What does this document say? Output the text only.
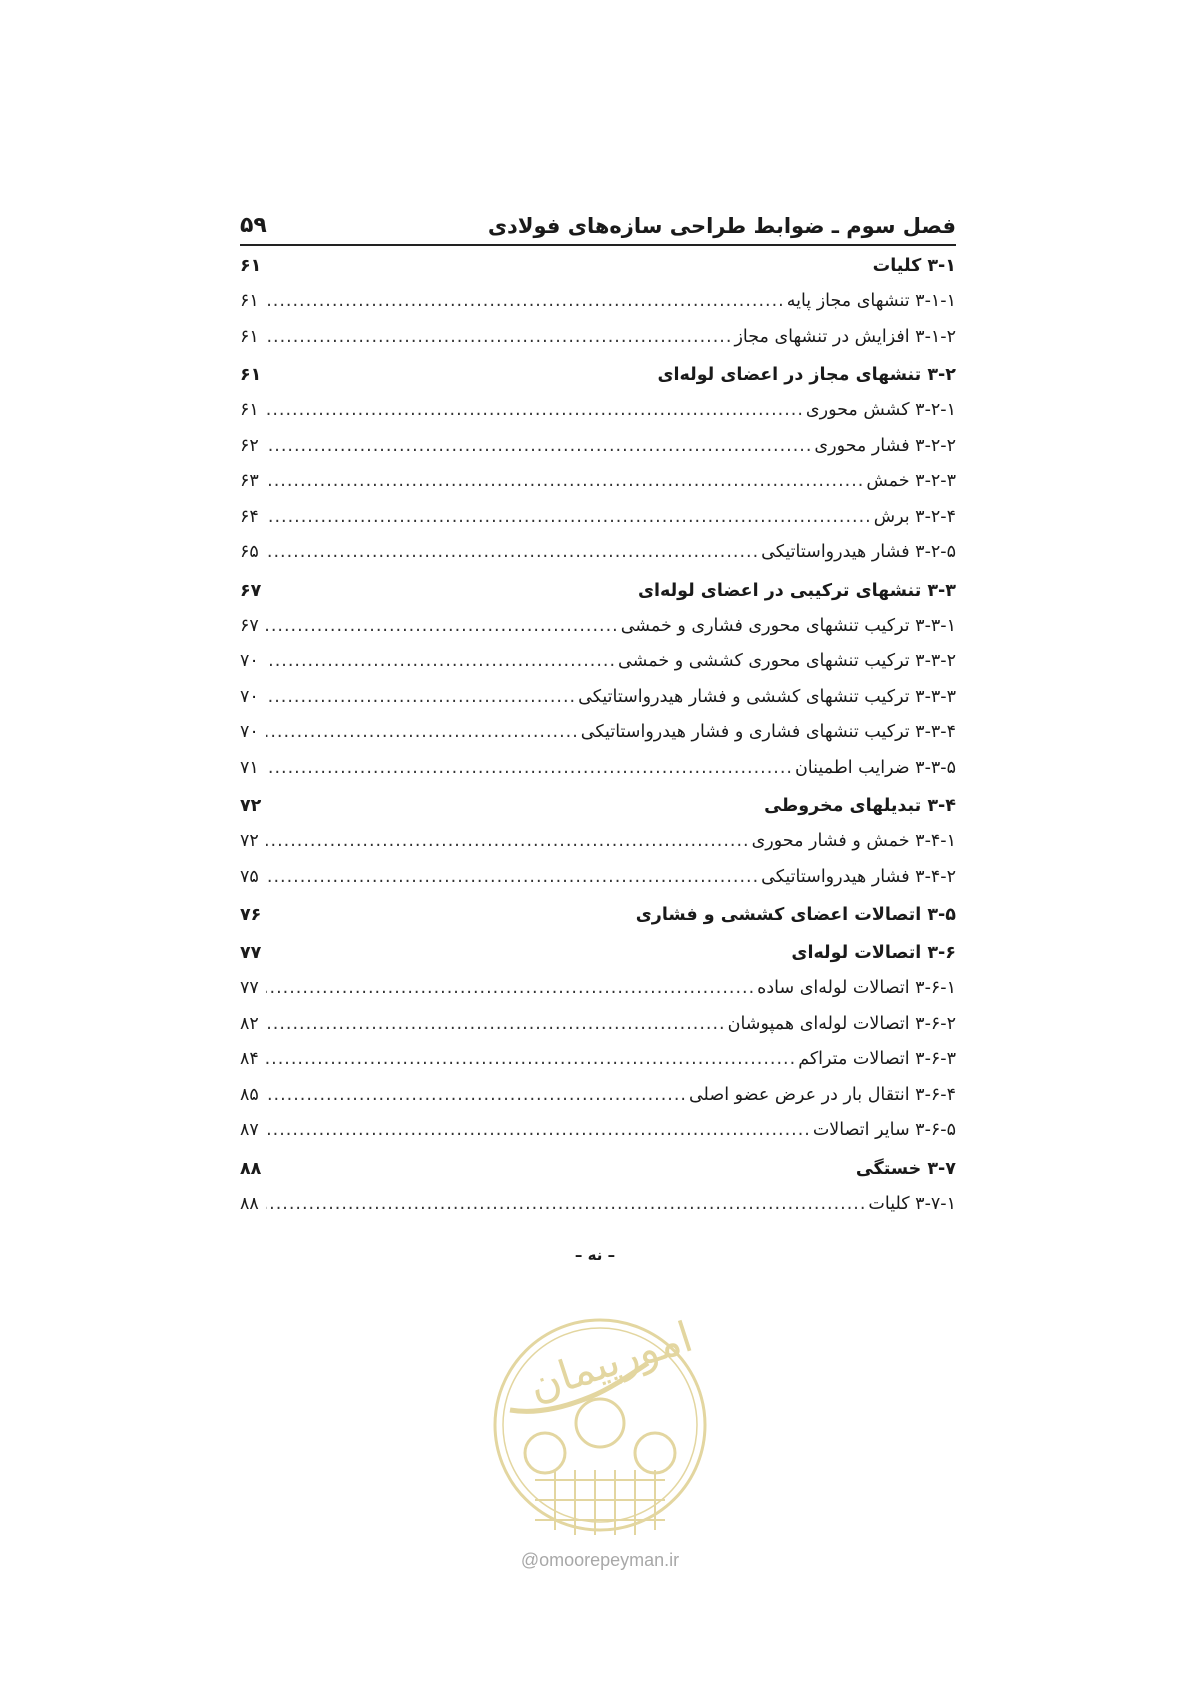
فصل سوم ـ ضوابط طراحی سازه‌های فولادی
۵۹
۳-۱ کلیات
۶۱
۳-۱-۱ تنشهای مجاز پایه
.....
۶۱
۳-۱-۲ افزایش در تنشهای مجاز
.....
۶۱
۳-۲ تنشهای مجاز در اعضای لوله‌ای
۶۱
۳-۲-۱ کشش محوری
.....
۶۱
۳-۲-۲ فشار محوری
.....
۶۲
۳-۲-۳ خمش
.....
۶۳
۳-۲-۴ برش
.....
۶۴
۳-۲-۵ فشار هیدرواستاتیکی
.....
۶۵
۳-۳ تنشهای ترکیبی در اعضای لوله‌ای
۶۷
۳-۳-۱ ترکیب تنشهای محوری فشاری و خمشی
.....
۶۷
۳-۳-۲ ترکیب تنشهای محوری کششی و خمشی
.....
۷۰
۳-۳-۳ ترکیب تنشهای کششی و فشار هیدرواستاتیکی
.....
۷۰
۳-۳-۴ ترکیب تنشهای فشاری و فشار هیدرواستاتیکی
.....
۷۰
۳-۳-۵ ضرایب اطمینان
.....
۷۱
۳-۴ تبدیلهای مخروطی
۷۲
۳-۴-۱ خمش و فشار محوری
.....
۷۲
۳-۴-۲ فشار هیدرواستاتیکی
.....
۷۵
۳-۵ اتصالات اعضای کششی و فشاری
۷۶
۳-۶ اتصالات لوله‌ای
۷۷
۳-۶-۱ اتصالات لوله‌ای ساده
.....
۷۷
۳-۶-۲ اتصالات لوله‌ای همپوشان
.....
۸۲
۳-۶-۳ اتصالات متراکم
.....
۸۴
۳-۶-۴ انتقال بار در عرض عضو اصلی
.....
۸۵
۳-۶-۵ سایر اتصالات
.....
۸۷
۳-۷ خستگی
۸۸
۳-۷-۱ کلیات
.....
۸۸
– نه –
امورپیمان
@omoorepeyman.ir
